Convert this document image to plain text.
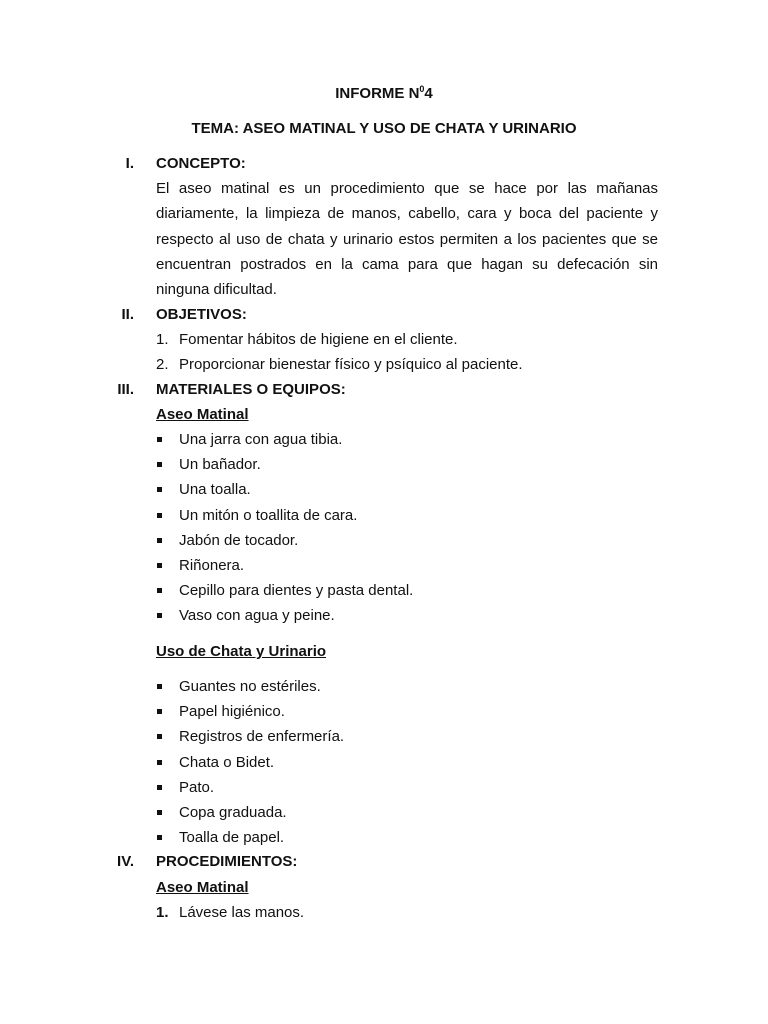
INFORME $N^04$
TEMA: ASEO MATINAL Y USO DE CHATA Y URINARIO
I. CONCEPTO:
El aseo matinal es un procedimiento que se hace por las mañanas diariamente, la limpieza de manos, cabello, cara y boca del paciente y respecto al uso de chata y urinario estos permiten a los pacientes que se encuentran postrados en la cama para que hagan su defecación sin ninguna dificultad.
II. OBJETIVOS:
1. Fomentar hábitos de higiene en el cliente.
2. Proporcionar bienestar físico y psíquico al paciente.
III. MATERIALES O EQUIPOS:
Aseo Matinal
Una jarra con agua tibia.
Un bañador.
Una toalla.
Un mitón o toallita de cara.
Jabón de tocador.
Riñonera.
Cepillo para dientes y pasta dental.
Vaso con agua y peine.
Uso de Chata y Urinario
Guantes no estériles.
Papel higiénico.
Registros de enfermería.
Chata o Bidet.
Pato.
Copa graduada.
Toalla de papel.
IV. PROCEDIMIENTOS:
Aseo Matinal
1. Lávese las manos.
